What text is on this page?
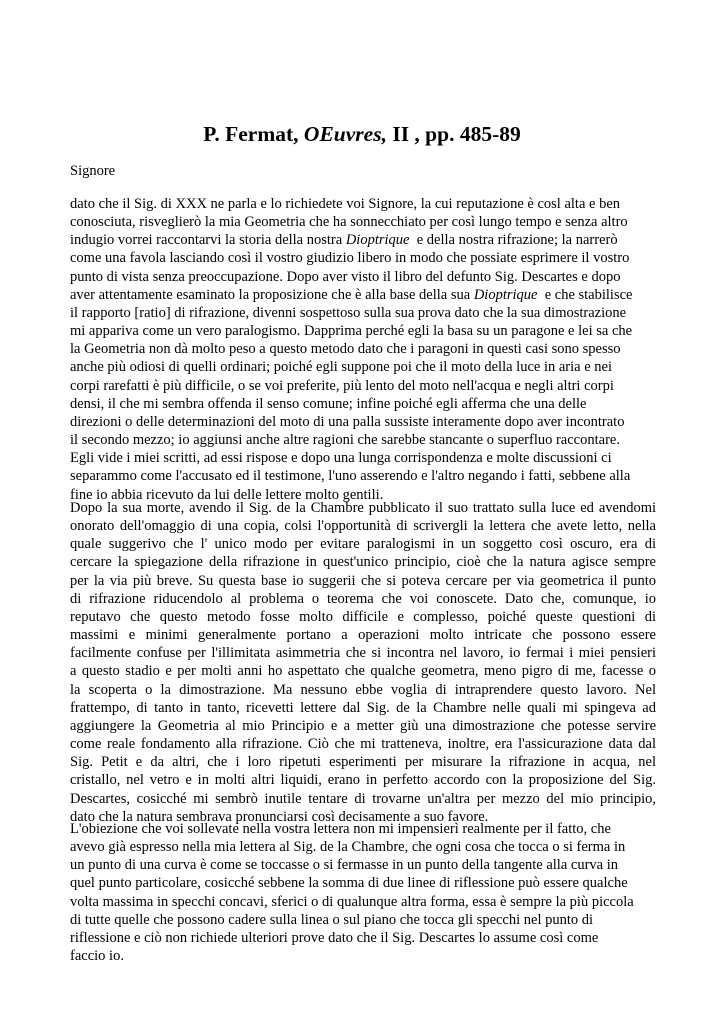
P. Fermat, OEuvres, II , pp. 485-89

Signore

dato che il Sig. di XXX ne parla e lo richiedete voi Signore, la cui reputazione è cosl alta e ben
conosciuta, risveglierò la mia Geometria che ha sonnecchiato per così lungo tempo e senza altro
indugio vorrei raccontarvi la storia della nostra Dioptrique  e della nostra rifrazione; la narrerò
come una favola lasciando così il vostro giudizio libero in modo che possiate esprimere il vostro
punto di vista senza preoccupazione. Dopo aver visto il libro del defunto Sig. Descartes e dopo
aver attentamente esaminato la proposizione che è alla base della sua Dioptrique  e che stabilisce
il rapporto [ratio] di rifrazione, divenni sospettoso sulla sua prova dato che la sua dimostrazione
mi appariva come un vero paralogismo. Dapprima perché egli la basa su un paragone e lei sa che
la Geometria non dà molto peso a questo metodo dato che i paragoni in questi casi sono spesso
anche più odiosi di quelli ordinari; poiché egli suppone poi che il moto della luce in aria e nei
corpi rarefatti è più difficile, o se voi preferite, più lento del moto nell'acqua e negli altri corpi
densi, il che mi sembra offenda il senso comune; infine poiché egli afferma che una delle
direzioni o delle determinazioni del moto di una palla sussiste interamente dopo aver incontrato
il secondo mezzo; io aggiunsi anche altre ragioni che sarebbe stancante o superfluo raccontare.
Egli vide i miei scritti, ad essi rispose e dopo una lunga corrispondenza e molte discussioni ci
separammo come l'accusato ed il testimone, l'uno asserendo e l'altro negando i fatti, sebbene alla
fine io abbia ricevuto da lui delle lettere molto gentili.
Dopo la sua morte, avendo il Sig. de la Chambre pubblicato il suo trattato sulla luce ed avendomi
onorato dell'omaggio di una copia, colsi l'opportunità di scrivergli la lettera che avete letto, nella
quale suggerivo che l' unico modo per evitare paralogismi in un soggetto così oscuro, era di
cercare la spiegazione della rifrazione in quest'unico principio, cioè che la natura agisce sempre
per la via più breve. Su questa base io suggerii che si poteva cercare per via geometrica il punto
di rifrazione riducendolo al problema o teorema che voi conoscete. Dato che, comunque, io
reputavo che questo metodo fosse molto difficile e complesso, poiché queste questioni di
massimi e minimi generalmente portano a operazioni molto intricate che possono essere
facilmente confuse per l'illimitata asimmetria che si incontra nel lavoro, io fermai i miei pensieri
a questo stadio e per molti anni ho aspettato che qualche geometra, meno pigro di me, facesse o
la scoperta o la dimostrazione. Ma nessuno ebbe voglia di intraprendere questo lavoro. Nel
frattempo, di tanto in tanto, ricevetti lettere dal Sig. de la Chambre nelle quali mi spingeva ad
aggiungere la Geometria al mio Principio e a metter giù una dimostrazione che potesse servire
come reale fondamento alla rifrazione. Ciò che mi tratteneva, inoltre, era l'assicurazione data dal
Sig. Petit e da altri, che i loro ripetuti esperimenti per misurare la rifrazione in acqua, nel
cristallo, nel vetro e in molti altri liquidi, erano in perfetto accordo con la proposizione del Sig.
Descartes, cosicché mi sembrò inutile tentare di trovarne un'altra per mezzo del mio principio,
dato che la natura sembrava pronunciarsi così decisamente a suo favore.
L'obiezione che voi sollevate nella vostra lettera non mi impensierì realmente per il fatto, che
avevo già espresso nella mia lettera al Sig. de la Chambre, che ogni cosa che tocca o si ferma in
un punto di una curva è come se toccasse o si fermasse in un punto della tangente alla curva in
quel punto particolare, cosicché sebbene la somma di due linee di riflessione può essere qualche
volta massima in specchi concavi, sferici o di qualunque altra forma, essa è sempre la più piccola
di tutte quelle che possono cadere sulla linea o sul piano che tocca gli specchi nel punto di
riflessione e ciò non richiede ulteriori prove dato che il Sig. Descartes lo assume così come
faccio io.
